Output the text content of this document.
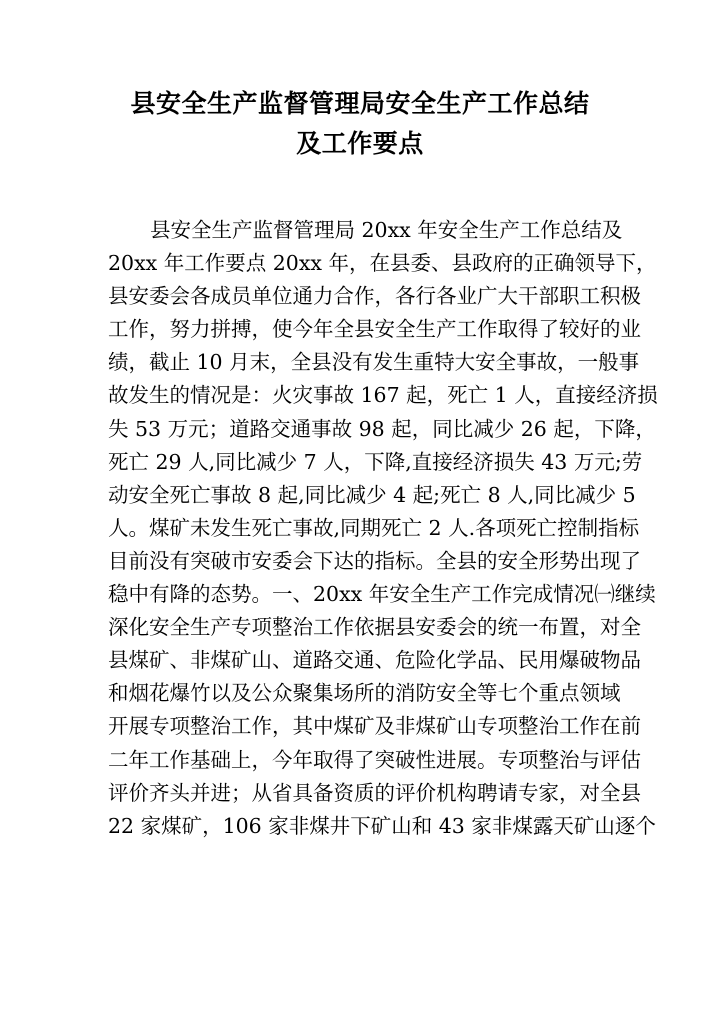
县安全生产监督管理局安全生产工作总结
及工作要点
县安全生产监督管理局 20xx 年安全生产工作总结及
20xx 年工作要点 20xx 年，在县委、县政府的正确领导下，
县安委会各成员单位通力合作，各行各业广大干部职工积极
工作，努力拼搏，使今年全县安全生产工作取得了较好的业
绩，截止 10 月末，全县没有发生重特大安全事故，一般事
故发生的情况是：火灾事故 167 起，死亡 1 人，直接经济损
失 53 万元；道路交通事故 98 起，同比减少 26 起，下降，
死亡 29 人,同比减少 7 人，下降,直接经济损失 43 万元;劳
动安全死亡事故 8 起,同比减少 4 起;死亡 8 人,同比减少 5
人。煤矿未发生死亡事故,同期死亡 2 人.各项死亡控制指标
目前没有突破市安委会下达的指标。全县的安全形势出现了
稳中有降的态势。一、20xx 年安全生产工作完成情况㈠继续
深化安全生产专项整治工作依据县安委会的统一布置，对全
县煤矿、非煤矿山、道路交通、危险化学品、民用爆破物品
和烟花爆竹以及公众聚集场所的消防安全等七个重点领域
开展专项整治工作，其中煤矿及非煤矿山专项整治工作在前
二年工作基础上，今年取得了突破性进展。专项整治与评估
评价齐头并进；从省具备资质的评价机构聘请专家，对全县
22 家煤矿，106 家非煤井下矿山和 43 家非煤露天矿山逐个
